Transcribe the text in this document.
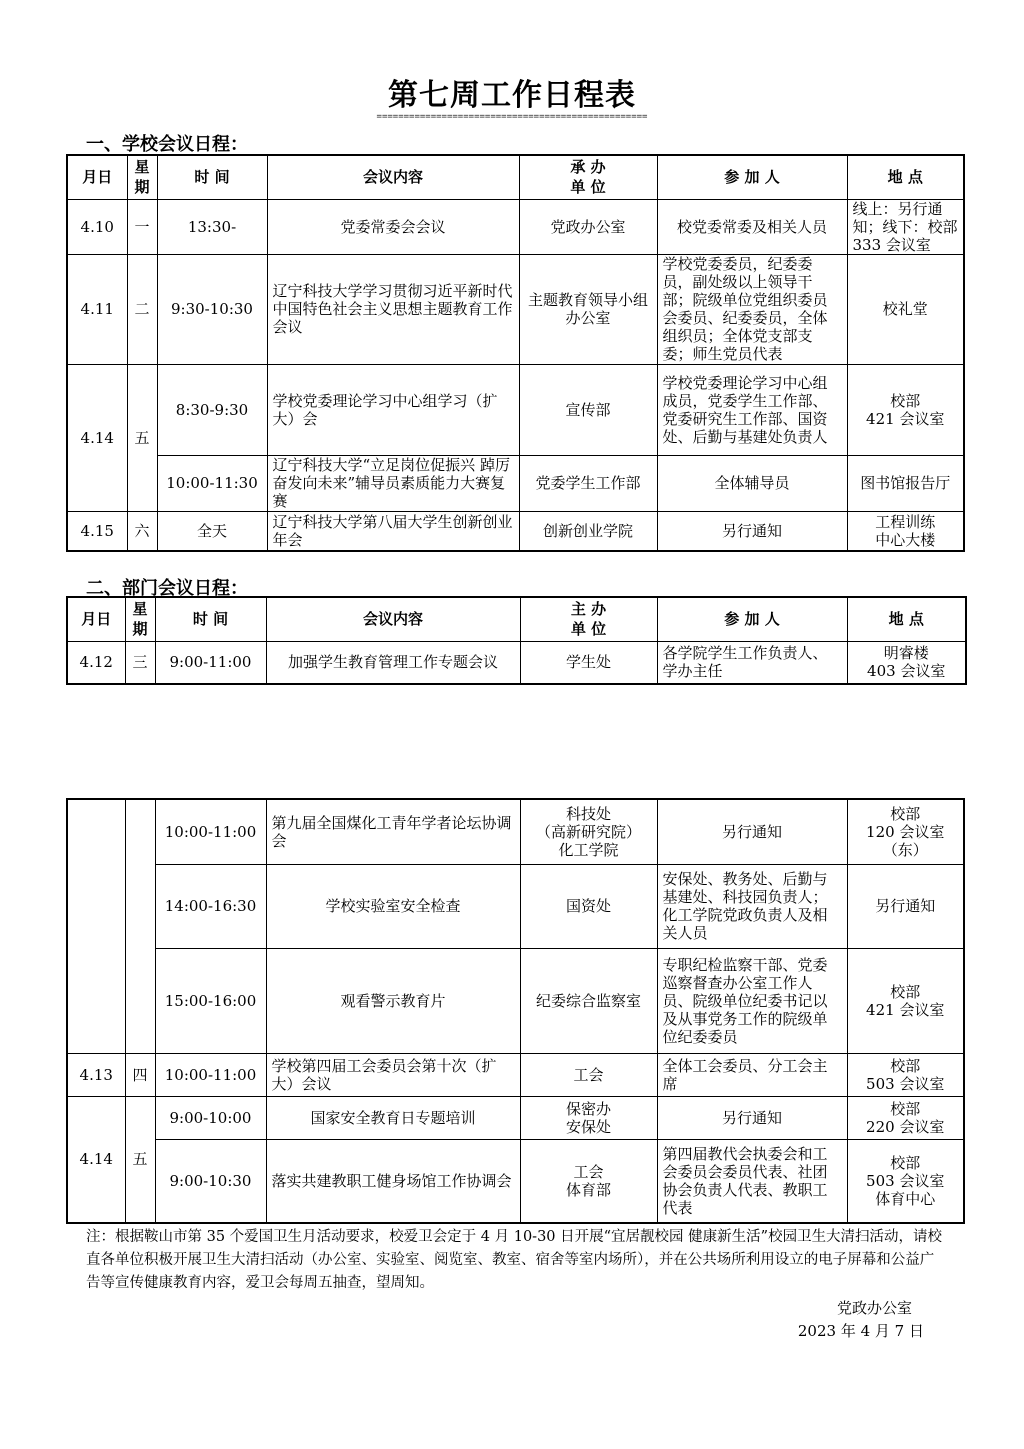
第七周工作日程表
==================================================
一、学校会议日程：
月日	星
期	时 间	会议内容	承 办
单 位	参 加 人	地 点
4.10	一	13:30-	党委常委会会议	党政办公室	校党委常委及相关人员	线上：另行通知；线下：校部 333 会议室
4.11	二	9:30-10:30	辽宁科技大学学习贯彻习近平新时代中国特色社会主义思想主题教育工作会议	主题教育领导小组办公室	学校党委委员，纪委委员，副处级以上领导干部；院级单位党组织委员会委员、纪委委员，全体组织员；全体党支部支委；师生党员代表	校礼堂
4.14	五	8:30-9:30	学校党委理论学习中心组学习（扩大）会	宣传部	学校党委理论学习中心组成员，党委学生工作部、党委研究生工作部、国资处、后勤与基建处负责人	校部
421 会议室
		10:00-11:30	辽宁科技大学“立足岗位促振兴 踔厉奋发向未来”辅导员素质能力大赛复赛	党委学生工作部	全体辅导员	图书馆报告厅
4.15	六	全天	辽宁科技大学第八届大学生创新创业年会	创新创业学院	另行通知	工程训练
中心大楼
二、部门会议日程：
月日	星
期	时 间	会议内容	主 办
单 位	参 加 人	地 点
4.12	三	9:00-11:00	加强学生教育管理工作专题会议	学生处	各学院学生工作负责人、学办主任	明睿楼
403 会议室
		10:00-11:00	第九届全国煤化工青年学者论坛协调会	科技处
（高新研究院）
化工学院	另行通知	校部
120 会议室
（东）
		14:00-16:30	学校实验室安全检查	国资处	安保处、教务处、后勤与基建处、科技园负责人；化工学院党政负责人及相关人员	另行通知
		15:00-16:00	观看警示教育片	纪委综合监察室	专职纪检监察干部、党委巡察督查办公室工作人员、院级单位纪委书记以及从事党务工作的院级单位纪委委员	校部
421 会议室
4.13	四	10:00-11:00	学校第四届工会委员会第十次（扩大）会议	工会	全体工会委员、分工会主席	校部
503 会议室
4.14	五	9:00-10:00	国家安全教育日专题培训	保密办
安保处	另行通知	校部
220 会议室
		9:00-10:30	落实共建教职工健身场馆工作协调会	工会
体育部	第四届教代会执委会和工会委员会委员代表、社团协会负责人代表、教职工代表	校部
503 会议室
体育中心
注：根据鞍山市第 35 个爱国卫生月活动要求，校爱卫会定于 4 月 10-30 日开展“宜居靓校园 健康新生活”校园卫生大清扫活动，请校直各单位积极开展卫生大清扫活动（办公室、实验室、阅览室、教室、宿舍等室内场所），并在公共场所利用设立的电子屏幕和公益广告等宣传健康教育内容，爱卫会每周五抽查，望周知。
党政办公室
2023 年 4 月 7 日
